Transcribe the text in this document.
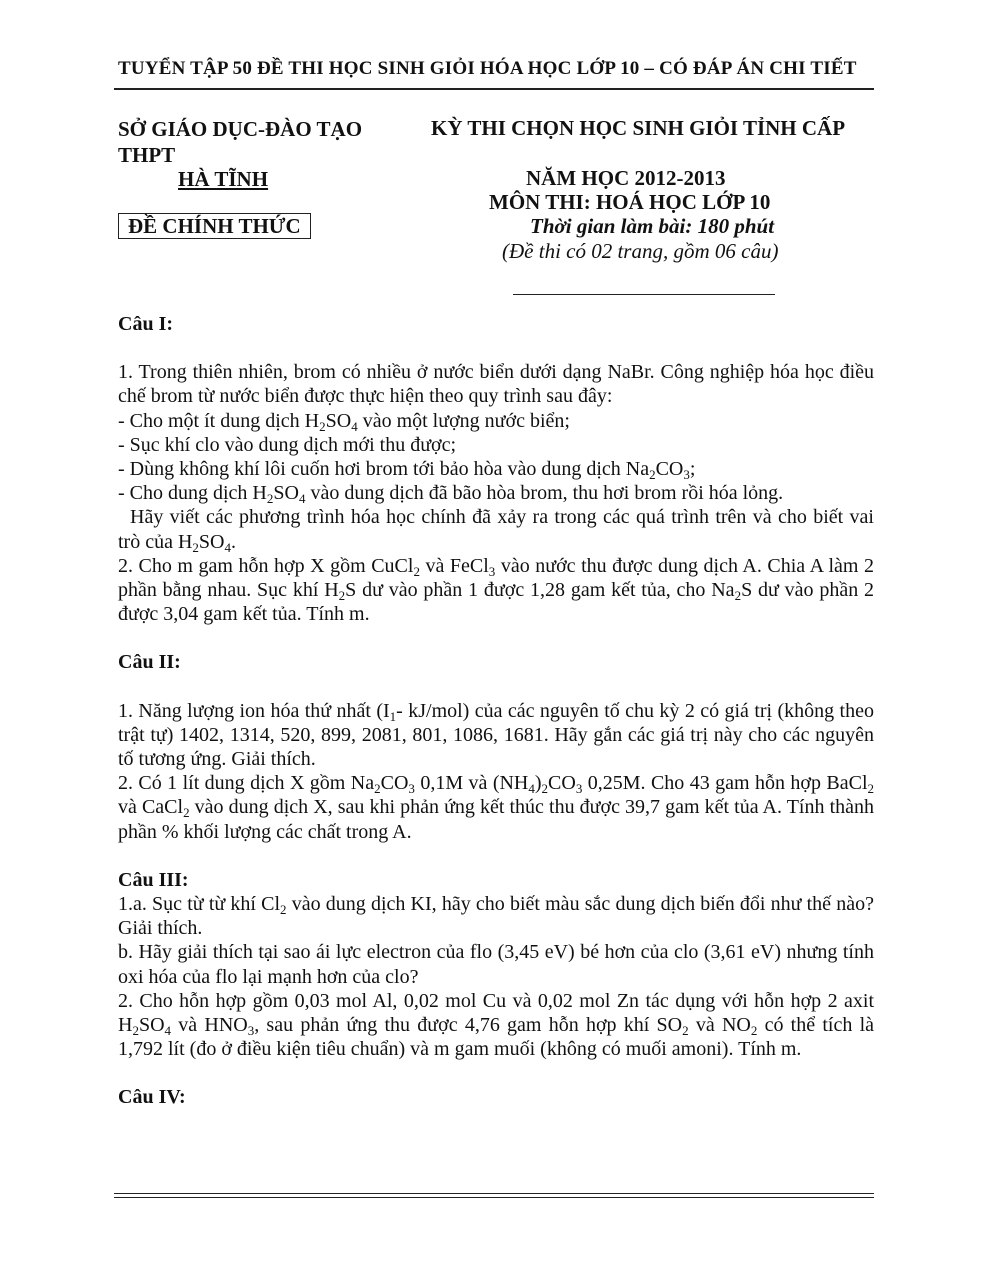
TUYỂN TẬP 50 ĐỀ THI HỌC SINH GIỎI HÓA HỌC LỚP 10 – CÓ ĐÁP ÁN CHI TIẾT
SỞ GIÁO DỤC-ĐÀO TẠO
THPT
HÀ TĨNH
ĐỀ CHÍNH THỨC
KỲ THI CHỌN HỌC SINH GIỎI TỈNH CẤP
NĂM HỌC 2012-2013
MÔN THI: HOÁ HỌC LỚP 10
Thời gian làm bài: 180 phút
(Đề thi có 02 trang, gồm 06 câu)

Câu I:

1. Trong thiên nhiên, brom có nhiều ở nước biển dưới dạng NaBr. Công nghiệp hóa học điều chế brom từ nước biển được thực hiện theo quy trình sau đây:

- Cho một ít dung dịch $H_2SO_4$ vào một lượng nước biển;

- Sục khí clo vào dung dịch mới thu được;

- Dùng không khí lôi cuốn hơi brom tới bảo hòa vào dung dịch $Na_2CO_3$;

- Cho dung dịch $H_2SO_4$ vào dung dịch đã bão hòa brom, thu hơi brom rồi hóa lỏng.

Hãy viết các phương trình hóa học chính đã xảy ra trong các quá trình trên và cho biết vai trò của $H_2SO_4$.

2. Cho m gam hỗn hợp X gồm CuCl$_2$ và FeCl$_3$ vào nước thu được dung dịch A. Chia A làm 2 phần bằng nhau. Sục khí $H_2S$ dư vào phần 1 được 1,28 gam kết tủa, cho $Na_2S$ dư vào phần 2 được 3,04 gam kết tủa. Tính m.

Câu II:

1. Năng lượng ion hóa thứ nhất ($I_1-$ kJ/mol) của các nguyên tố chu kỳ 2 có giá trị (không theo trật tự) 1402, 1314, 520, 899, 2081, 801, 1086, 1681. Hãy gắn các giá trị này cho các nguyên tố tương ứng. Giải thích.

2. Có 1 lít dung dịch X gồm $Na_2CO_3$ 0,1M và $(NH_4)_2CO_3$ 0,25M. Cho 43 gam hỗn hợp BaCl$_2$ và CaCl$_2$ vào dung dịch X, sau khi phản ứng kết thúc thu được 39,7 gam kết tủa A. Tính thành phần % khối lượng các chất trong A.

Câu III:

1.a. Sục từ từ khí $Cl_2$ vào dung dịch KI, hãy cho biết màu sắc dung dịch biến đổi như thế nào? Giải thích.

b. Hãy giải thích tại sao ái lực electron của flo (3,45 eV) bé hơn của clo (3,61 eV) nhưng tính oxi hóa của flo lại mạnh hơn của clo?

2. Cho hỗn hợp gồm 0,03 mol Al, 0,02 mol Cu và 0,02 mol Zn tác dụng với hỗn hợp 2 axit $H_2SO_4$ và $HNO_3$, sau phản ứng thu được 4,76 gam hỗn hợp khí $SO_2$ và $NO_2$ có thể tích là 1,792 lít (đo ở điều kiện tiêu chuẩn) và m gam muối (không có muối amoni). Tính m.

Câu IV:
